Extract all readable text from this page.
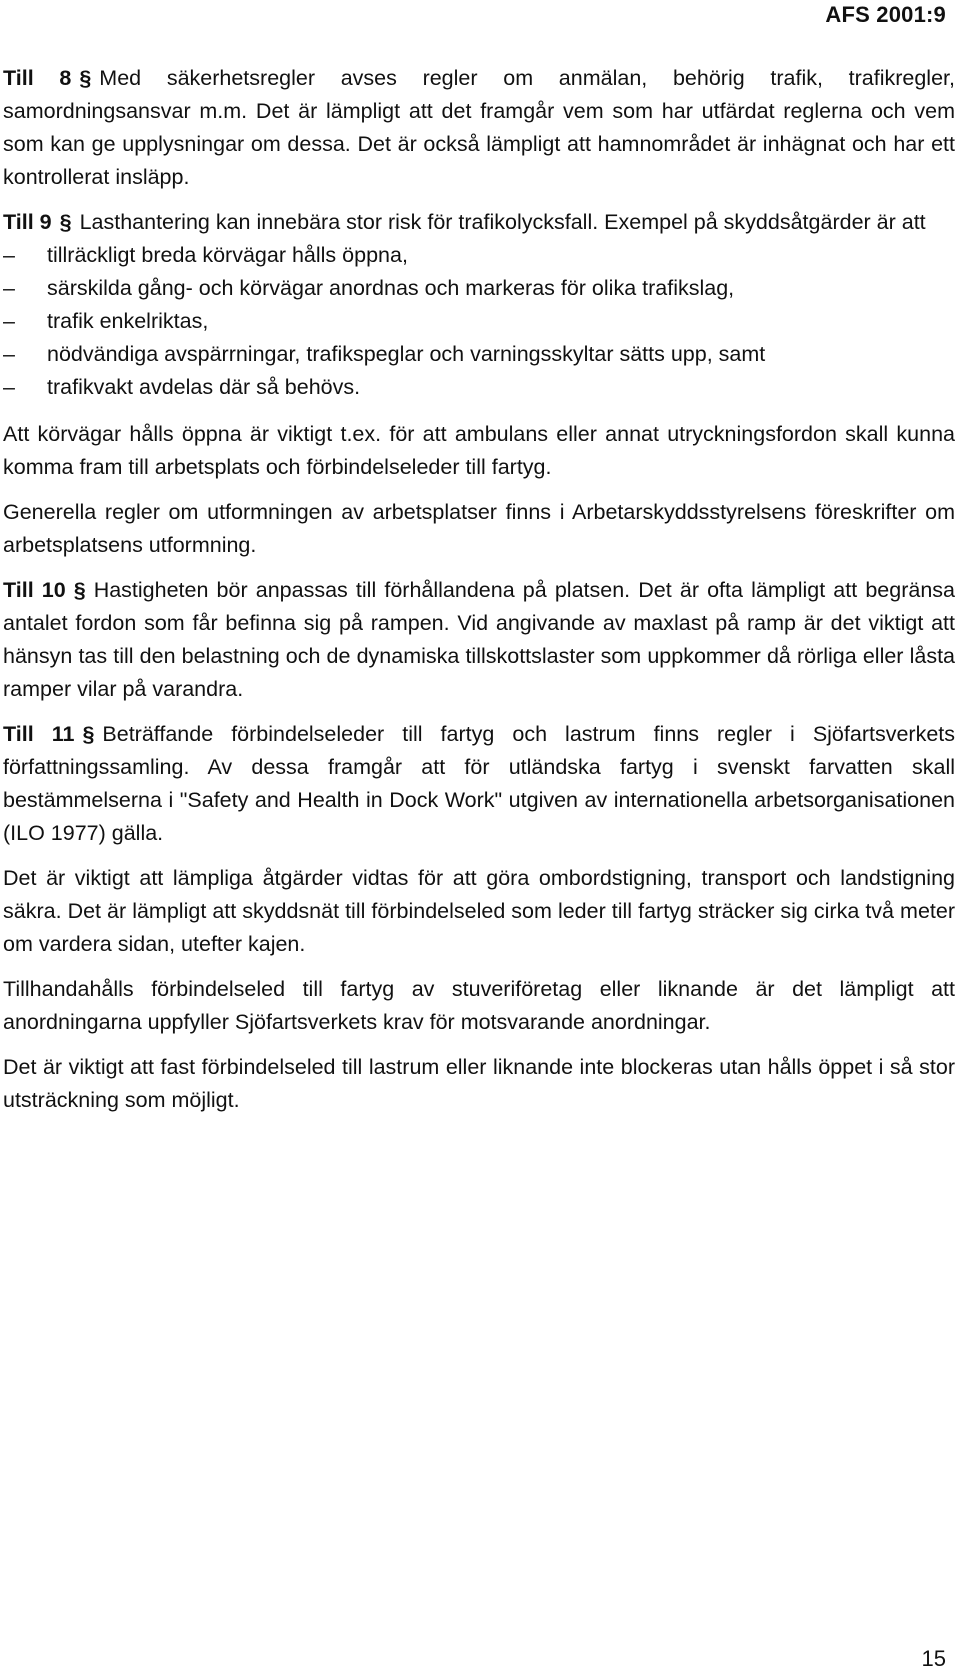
AFS 2001:9

Till 8 § Med säkerhetsregler avses regler om anmälan, behörig trafik, trafikregler, samordningsansvar m.m. Det är lämpligt att det framgår vem som har utfärdat reglerna och vem som kan ge upplysningar om dessa. Det är också lämpligt att hamnområdet är inhägnat och har ett kontrollerat insläpp.

Till 9 § Lasthantering kan innebära stor risk för trafikolycksfall. Exempel på skyddsåtgärder är att

– tillräckligt breda körvägar hålls öppna,
– särskilda gång- och körvägar anordnas och markeras för olika trafikslag,
– trafik enkelriktas,
– nödvändiga avspärrningar, trafikspeglar och varningsskyltar sätts upp, samt
– trafikvakt avdelas där så behövs.

Att körvägar hålls öppna är viktigt t.ex. för att ambulans eller annat utryckningsfordon skall kunna komma fram till arbetsplats och förbindelseleder till fartyg.

Generella regler om utformningen av arbetsplatser finns i Arbetarskyddsstyrelsens föreskrifter om arbetsplatsens utformning.

Till 10 § Hastigheten bör anpassas till förhållandena på platsen. Det är ofta lämpligt att begränsa antalet fordon som får befinna sig på rampen. Vid angivande av maxlast på ramp är det viktigt att hänsyn tas till den belastning och de dynamiska tillskottslaster som uppkommer då rörliga eller låsta ramper vilar på varandra.

Till 11 § Beträffande förbindelseleder till fartyg och lastrum finns regler i Sjöfartsverkets författningssamling. Av dessa framgår att för utländska fartyg i svenskt farvatten skall bestämmelserna i "Safety and Health in Dock Work" utgiven av internationella arbetsorganisationen (ILO 1977) gälla.

Det är viktigt att lämpliga åtgärder vidtas för att göra ombordstigning, transport och landstigning säkra. Det är lämpligt att skyddsnät till förbindelseled som leder till fartyg sträcker sig cirka två meter om vardera sidan, utefter kajen.

Tillhandahålls förbindelseled till fartyg av stuveriföretag eller liknande är det lämpligt att anordningarna uppfyller Sjöfartsverkets krav för motsvarande anordningar.

Det är viktigt att fast förbindelseled till lastrum eller liknande inte blockeras utan hålls öppet i så stor utsträckning som möjligt.

15
